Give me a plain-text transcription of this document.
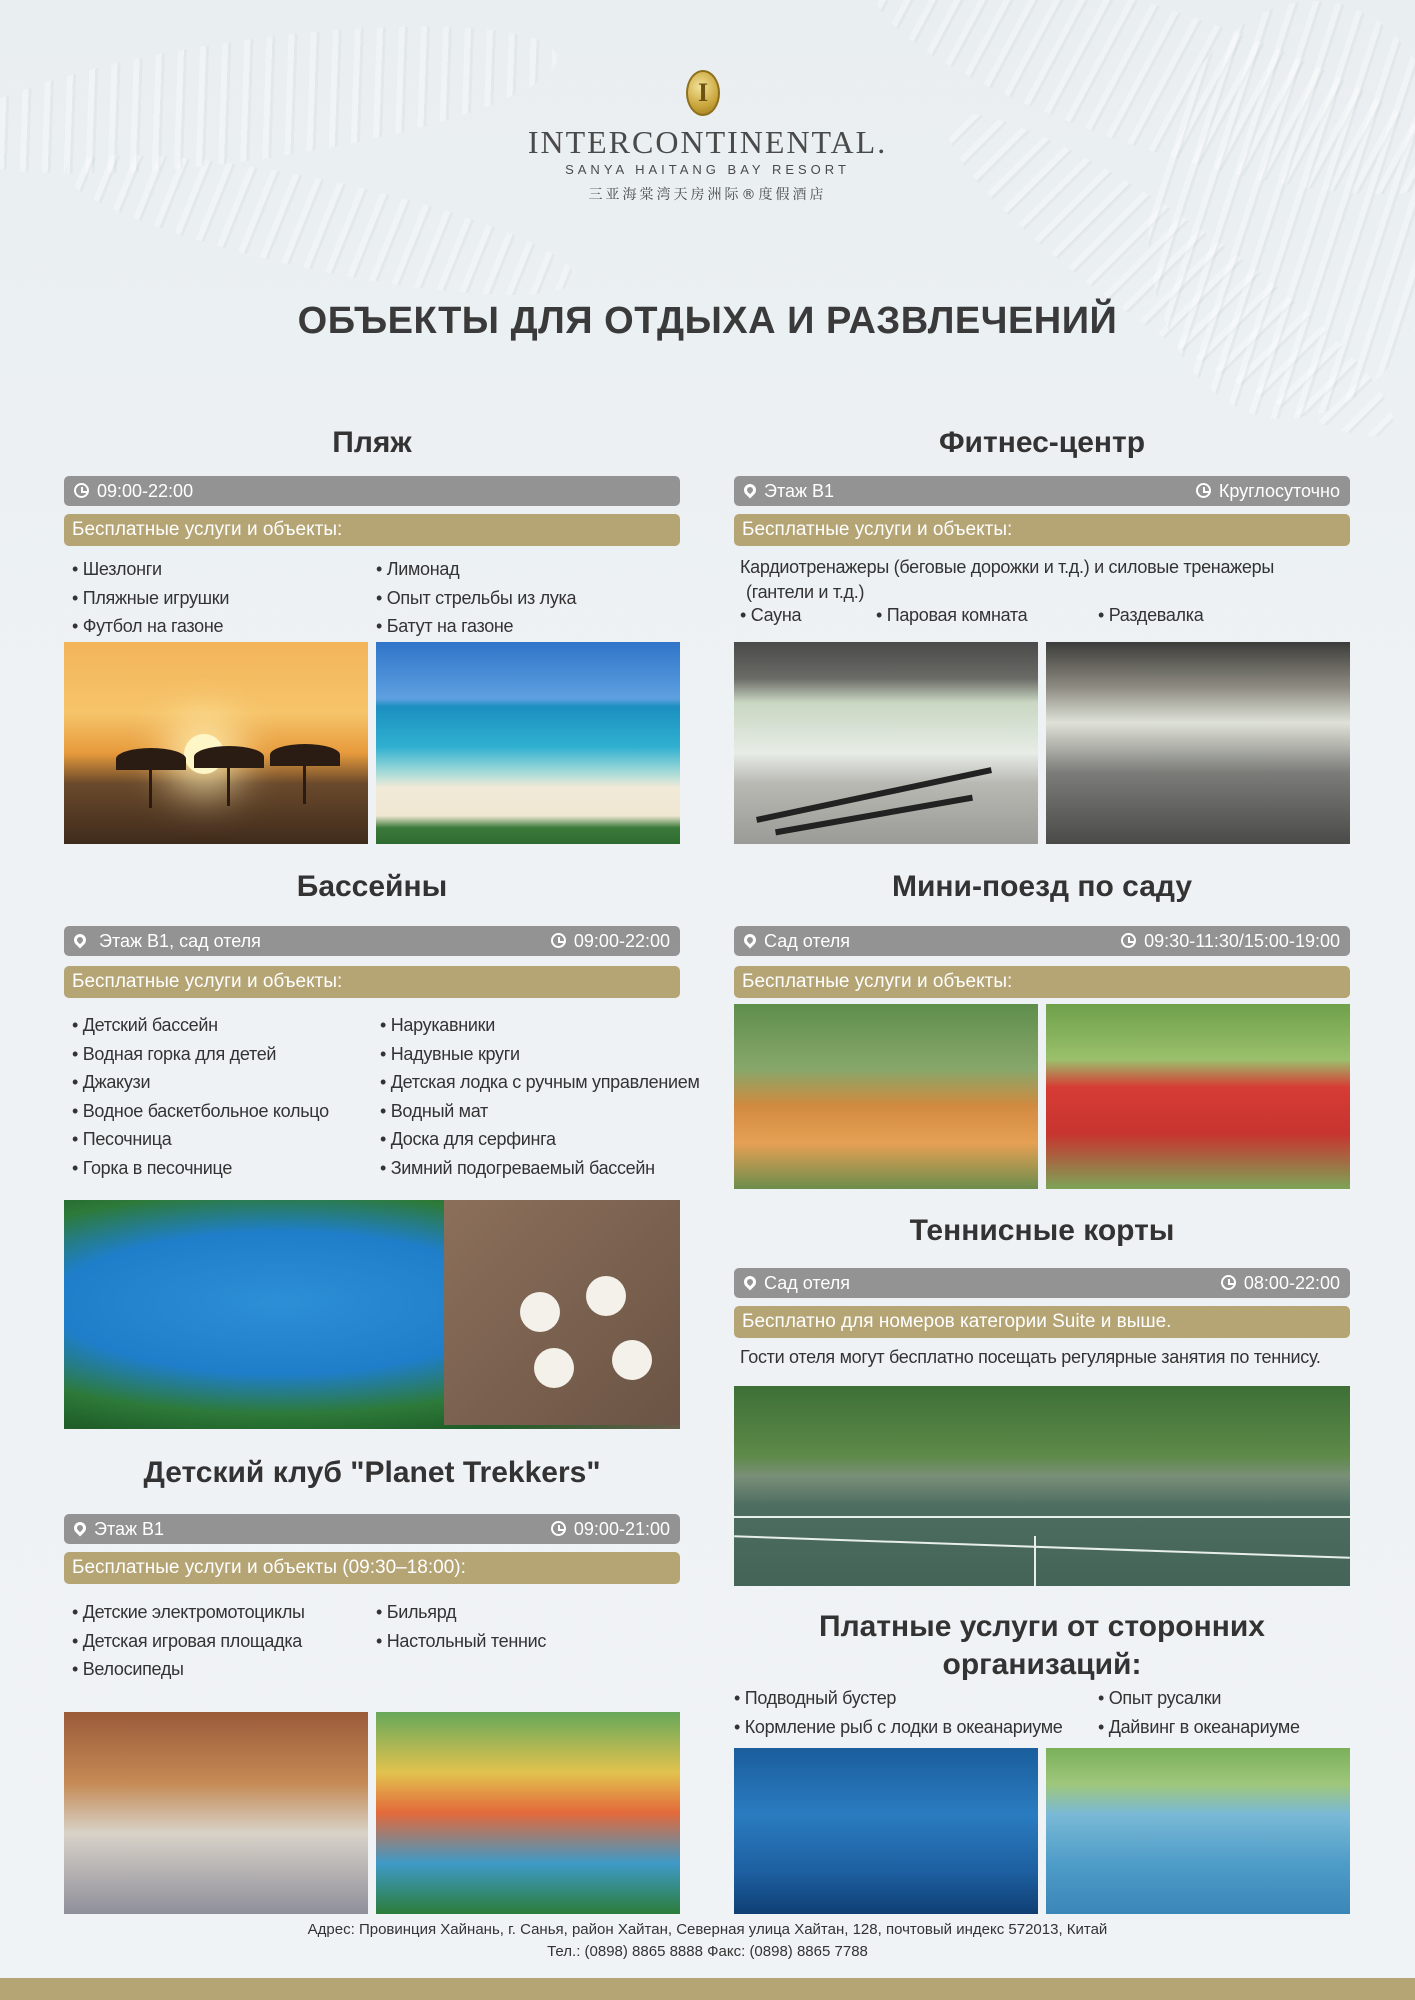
I
INTERCONTINENTAL.
SANYA HAITANG BAY RESORT
三亚海棠湾天房洲际®度假酒店
ОБЪЕКТЫ ДЛЯ ОТДЫХА И РАЗВЛЕЧЕНИЙ
Пляж
09:00-22:00
Бесплатные услуги и объекты:
• Шезлонги
• Пляжные игрушки
• Футбол на газоне
• Лимонад
• Опыт стрельбы из лука
• Батут на газоне
Фитнес-центр
Этаж B1	Круглосуточно
Бесплатные услуги и объекты:
Кардиотренажеры (беговые дорожки и т.д.) и силовые тренажеры
(гантели и т.д.)
• Сауна	• Паровая комната	• Раздевалка
Бассейны
Этаж B1, сад отеля	09:00-22:00
Бесплатные услуги и объекты:
• Детский бассейн
• Водная горка для детей
• Джакузи
• Водное баскетбольное кольцо
• Песочница
• Горка в песочнице
• Нарукавники
• Надувные круги
• Детская лодка с ручным управлением
• Водный мат
• Доска для серфинга
• Зимний подогреваемый бассейн
Мини-поезд по саду
Сад отеля	09:30-11:30/15:00-19:00
Бесплатные услуги и объекты:
Теннисные корты
Сад отеля	08:00-22:00
Бесплатно для номеров категории Suite и выше.
Гости отеля могут бесплатно посещать регулярные занятия по теннису.
Детский клуб "Planet Trekkers"
Этаж B1	09:00-21:00
Бесплатные услуги и объекты (09:30–18:00):
• Детские электромотоциклы
• Детская игровая площадка
• Велосипеды
• Бильярд
• Настольный теннис	Платные услуги от сторонних
организаций:
• Подводный бустер
• Кормление рыб с лодки в океанариуме
• Опыт русалки
• Дайвинг в океанариуме
Адрес: Провинция Хайнань, г. Санья, район Хайтан, Северная улица Хайтан, 128, почтовый индекс 572013, Китай
Тел.: (0898) 8865 8888 Факс: (0898) 8865 7788
